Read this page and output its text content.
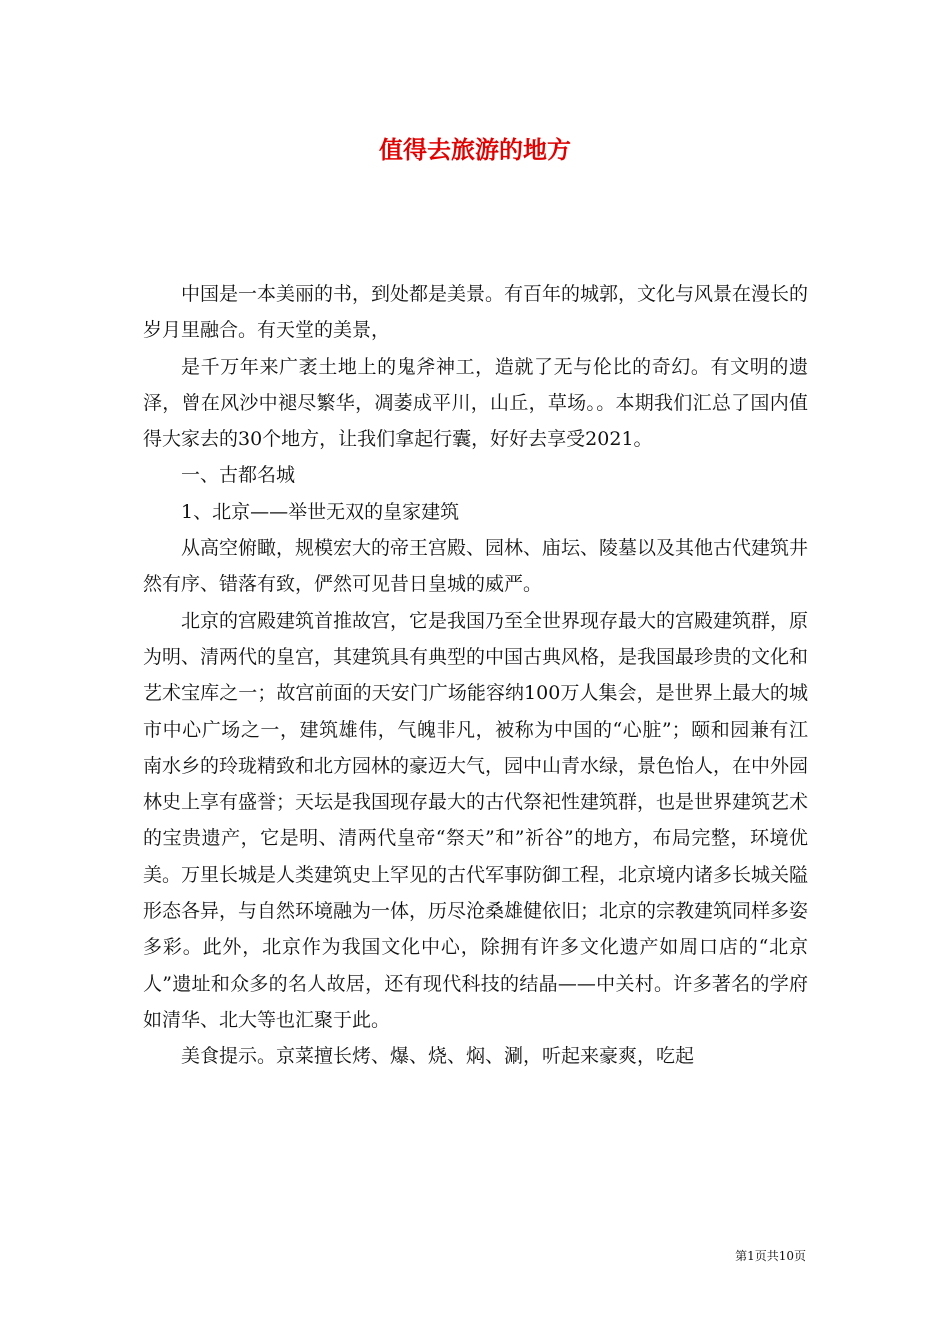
值得去旅游的地方

中国是一本美丽的书，到处都是美景。有百年的城郭，文化与风景在漫长的岁月里融合。有天堂的美景，

是千万年来广袤土地上的鬼斧神工，造就了无与伦比的奇幻。有文明的遗泽，曾在风沙中褪尽繁华，凋萎成平川，山丘，草场。。本期我们汇总了国内值得大家去的30个地方，让我们拿起行囊，好好去享受2021。

一、古都名城

1、北京——举世无双的皇家建筑

从高空俯瞰，规模宏大的帝王宫殿、园林、庙坛、陵墓以及其他古代建筑井然有序、错落有致，俨然可见昔日皇城的威严。

北京的宫殿建筑首推故宫，它是我国乃至全世界现存最大的宫殿建筑群，原为明、清两代的皇宫，其建筑具有典型的中国古典风格，是我国最珍贵的文化和艺术宝库之一；故宫前面的天安门广场能容纳100万人集会，是世界上最大的城市中心广场之一，建筑雄伟，气魄非凡，被称为中国的“心脏”；颐和园兼有江南水乡的玲珑精致和北方园林的豪迈大气，园中山青水绿，景色怡人，在中外园林史上享有盛誉；天坛是我国现存最大的古代祭祀性建筑群，也是世界建筑艺术的宝贵遗产，它是明、清两代皇帝“祭天”和”祈谷”的地方，布局完整，环境优美。万里长城是人类建筑史上罕见的古代军事防御工程，北京境内诸多长城关隘形态各异，与自然环境融为一体，历尽沧桑雄健依旧；北京的宗教建筑同样多姿多彩。此外，北京作为我国文化中心，除拥有许多文化遗产如周口店的“北京人”遗址和众多的名人故居，还有现代科技的结晶——中关村。许多著名的学府如清华、北大等也汇聚于此。

美食提示。京菜擅长烤、爆、烧、焖、涮，听起来豪爽，吃起

第1页共10页
